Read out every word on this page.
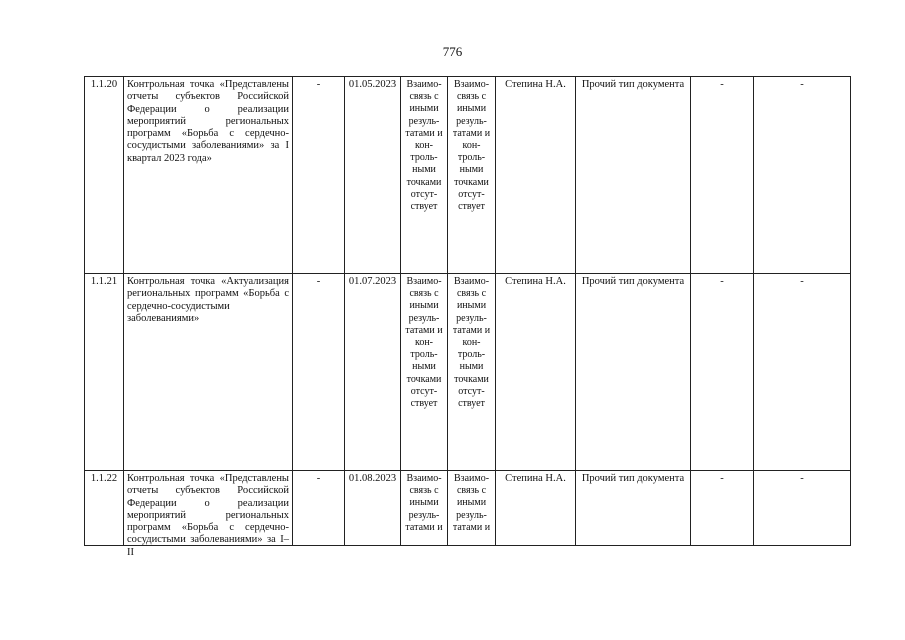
776
1.1.20	Контрольная точка «Представлены отчеты субъектов Российской Федерации о реализации мероприятий региональных программ «Борьба с сердечно-сосудистыми заболеваниями» за I квартал 2023 года»	-	01.05.2023	Взаимосвязь с иными результатами и контрольными точками отсутствует	Взаимосвязь с иными результатами и контрольными точками отсутствует	Степина Н.А.	Прочий тип документа	-	-
1.1.21	Контрольная точка «Актуализация региональных программ «Борьба с сердечно-сосудистыми заболеваниями»	-	01.07.2023	Взаимосвязь с иными результатами и контрольными точками отсутствует	Взаимосвязь с иными результатами и контрольными точками отсутствует	Степина Н.А.	Прочий тип документа	-	-
1.1.22	Контрольная точка «Представлены отчеты субъектов Российской Федерации о реализации мероприятий региональных программ «Борьба с сердечно-сосудистыми заболеваниями» за I–II	-	01.08.2023	Взаимосвязь с иными результатами и	Взаимосвязь с иными результатами и	Степина Н.А.	Прочий тип документа	-	-
